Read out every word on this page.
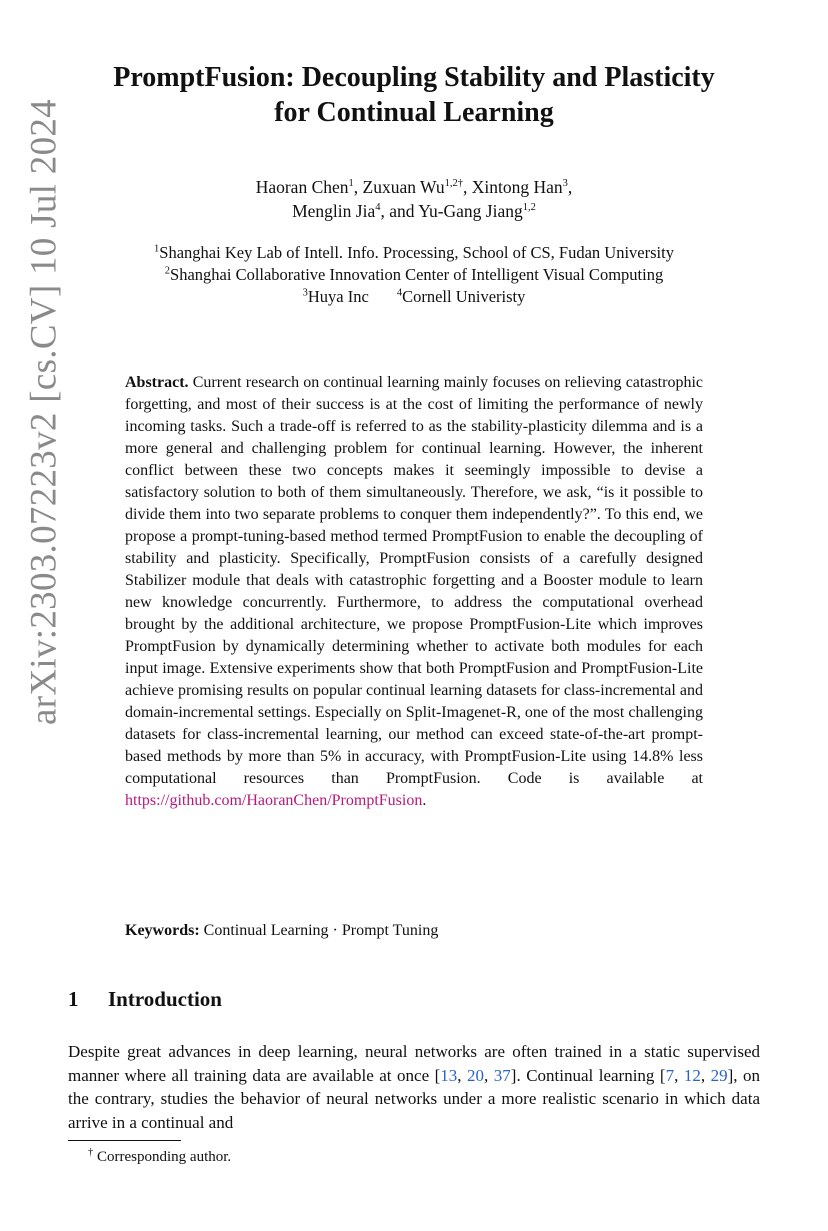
arXiv:2303.07223v2 [cs.CV] 10 Jul 2024
PromptFusion: Decoupling Stability and Plasticity
for Continual Learning
Haoran Chen$^1$, Zuxuan $Wu^{1,2\dagger}$, Xintong Han$^3$,
Menglin Jia$^4$, and Yu-Gang Jiang$^{1,2}$
$^1$Shanghai Key Lab of Intell. Info. Processing, School of CS, Fudan University
$^2$Shanghai Collaborative Innovation Center of Intelligent Visual Computing
$^3$Huya Inc	$^4$Cornell Univeristy
Abstract. Current research on continual learning mainly focuses on relieving catastrophic forgetting, and most of their success is at the cost of limiting the performance of newly incoming tasks. Such a trade-off is referred to as the stability-plasticity dilemma and is a more general and challenging problem for continual learning. However, the inherent conflict between these two concepts makes it seemingly impossible to devise a satisfactory solution to both of them simultaneously. Therefore, we ask, “is it possible to divide them into two separate problems to conquer them independently?”. To this end, we propose a prompt-tuning-based method termed PromptFusion to enable the decoupling of stability and plasticity. Specifically, PromptFusion consists of a carefully designed Stabilizer module that deals with catastrophic forgetting and a Booster module to learn new knowledge concurrently. Furthermore, to address the computational overhead brought by the additional architecture, we propose PromptFusion-Lite which improves PromptFusion by dynamically determining whether to activate both modules for each input image. Extensive experiments show that both PromptFusion and PromptFusion-Lite achieve promising results on popular continual learning datasets for class-incremental and domain-incremental settings. Especially on Split-Imagenet-R, one of the most challenging datasets for class-incremental learning, our method can exceed state-of-the-art prompt-based methods by more than 5% in accuracy, with PromptFusion-Lite using 14.8% less computational resources than PromptFusion. Code is available at https://github.com/HaoranChen/PromptFusion.
Keywords: Continual Learning · Prompt Tuning
1 Introduction
Despite great advances in deep learning, neural networks are often trained in a static supervised manner where all training data are available at once [13, 20, 37]. Continual learning [7, 12, 29], on the contrary, studies the behavior of neural networks under a more realistic scenario in which data arrive in a continual and
† Corresponding author.
